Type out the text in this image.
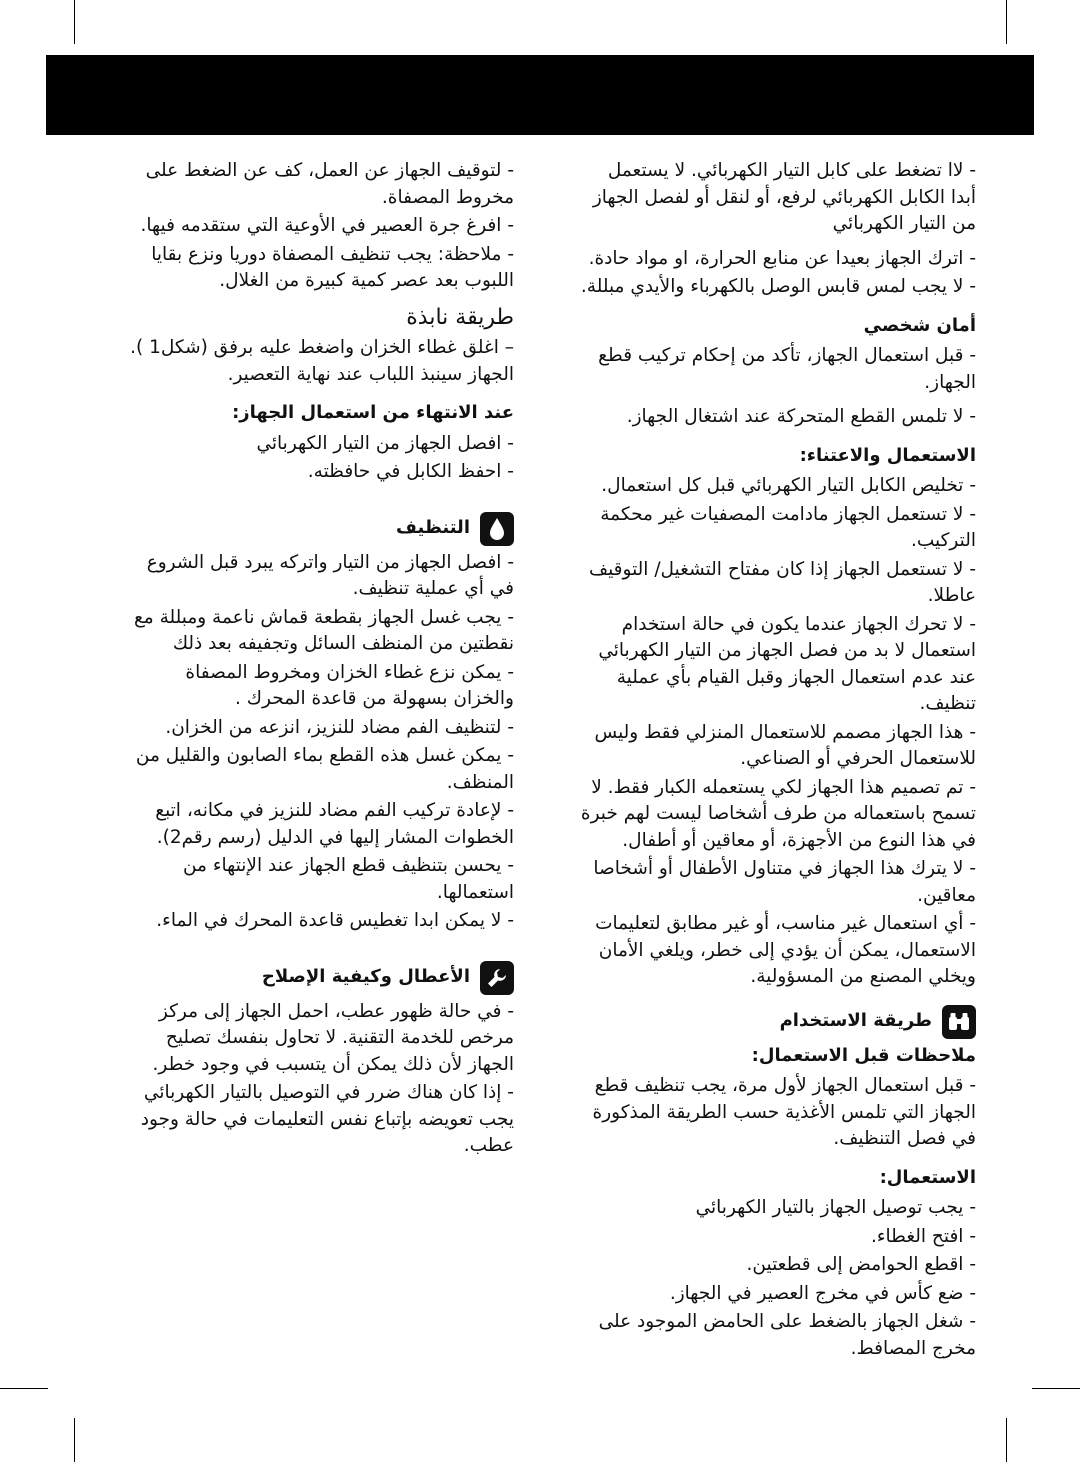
- لاا تضغط على كابل التيار الكهربائي. لا يستعمل أبدا الكابل الكهربائي لرفع، أو لنقل أو لفصل الجهاز من التيار الكهربائي

- اترك الجهاز بعيدا عن منابع الحرارة، او مواد حادة.

- لا يجب لمس قابس الوصل بالكهرباء والأيدي مبللة.

أمان شخصي

- قبل استعمال الجهاز، تأكد من إحكام تركيب قطع الجهاز.

- لا تلمس القطع المتحركة عند اشتغال الجهاز.

الاستعمال والاعتناء:

- تخليص الكابل التيار الكهربائي قبل كل استعمال.

- لا تستعمل الجهاز مادامت المصفيات غير محكمة التركيب.

- لا تستعمل الجهاز إذا كان مفتاح التشغيل/ التوقيف عاطلا.

- لا تحرك الجهاز عندما يكون في حالة استخدام استعمال لا بد من فصل الجهاز من التيار الكهربائي عند عدم استعمال الجهاز وقبل القيام بأي عملية تنظيف.

- هذا الجهاز مصمم للاستعمال المنزلي فقط وليس للاستعمال الحرفي أو الصناعي.

- تم تصميم هذا الجهاز لكي يستعمله الكبار فقط. لا تسمح باستعماله من طرف أشخاصا ليست لهم خبرة في هذا النوع من الأجهزة، أو معاقين أو أطفال.

- لا يترك هذا الجهاز في متناول الأطفال أو أشخاصا معاقين.

- أي استعمال غير مناسب، أو غير مطابق لتعليمات الاستعمال، يمكن أن يؤدي إلى خطر، ويلغي الأمان ويخلي المصنع من المسؤولية.

طريقة الاستخدام
ملاحظات قبل الاستعمال:

- قبل استعمال الجهاز لأول مرة، يجب تنظيف قطع الجهاز التي تلمس الأغذية حسب الطريقة المذكورة في فصل التنظيف.

الاستعمال:

- يجب توصيل الجهاز بالتيار الكهربائي

- افتح الغطاء.

- اقطع الحوامض إلى قطعتين.

- ضع كأس في مخرج العصير في الجهاز.

- شغل الجهاز بالضغط على الحامض الموجود على مخرج المصافط.

- لتوقيف الجهاز عن العمل، كف عن الضغط على مخروط المصفاة.

- افرغ جرة العصير في الأوعية التي ستقدمه فيها.

- ملاحظة: يجب تنظيف المصفاة دوريا ونزع بقايا اللبوب بعد عصر كمية كبيرة من الغلال.

طريقة نابذة

– اغلق غطاء الخزان واضغط عليه برفق (شكل1 ). الجهاز سينبذ اللباب عند نهاية التعصير.

عند الانتهاء من استعمال الجهاز:

- افصل الجهاز من التيار الكهربائي

- احفظ الكابل في حافظته.

التنظيف

- افصل الجهاز من التيار واتركه يبرد قبل الشروع في أي عملية تنظيف.

- يجب غسل الجهاز بقطعة قماش ناعمة ومبللة مع نقطتين من المنظف السائل وتجفيفه بعد ذلك

- يمكن نزع غطاء الخزان ومخروط المصفاة والخزان بسهولة من قاعدة المحرك .

- لتنظيف الفم مضاد للنزيز، انزعه من الخزان.

- يمكن غسل هذه القطع بماء الصابون والقليل من المنظف.

- لإعادة تركيب الفم مضاد للنزيز في مكانه، اتبع الخطوات المشار إليها في الدليل (رسم رقم2).

- يحسن بتنظيف قطع الجهاز عند الإنتهاء من استعمالها.

- لا يمكن ابدا تغطيس قاعدة المحرك في الماء.

الأعطال وكيفية الإصلاح

- في حالة ظهور عطب، احمل الجهاز إلى مركز مرخص للخدمة التقنية. لا تحاول بنفسك تصليح الجهاز لأن ذلك يمكن أن يتسبب في وجود خطر.

- إذا كان هناك ضرر في التوصيل بالتيار الكهربائي يجب تعويضه بإتباع نفس التعليمات في حالة وجود عطب.
